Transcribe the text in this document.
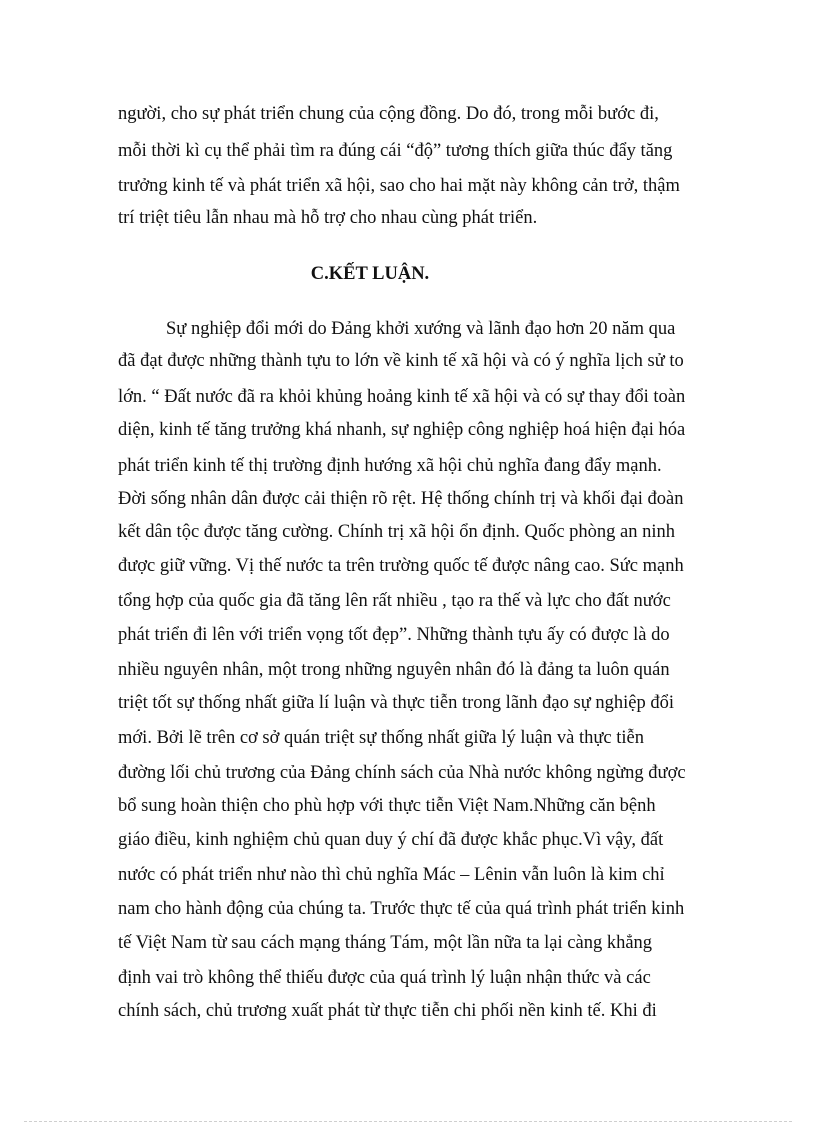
người, cho sự phát triển chung của cộng đồng. Do đó, trong mỗi bước đi,
mỗi thời kì cụ thể phải tìm ra đúng cái “độ” tương thích giữa thúc đẩy tăng
trưởng kinh tế và phát triển xã hội, sao cho hai mặt này không cản trở, thậm
trí triệt tiêu lẫn nhau mà hỗ trợ cho nhau cùng phát triển.
C.KẾT LUẬN.
Sự nghiệp đổi mới do Đảng khởi xướng và lãnh đạo hơn 20 năm qua
đã đạt được những thành tựu to lớn về kinh tế xã hội và có ý nghĩa lịch sử to
lớn. “ Đất nước đã ra khỏi khủng hoảng kinh tế xã hội và có sự thay đổi toàn
diện, kinh tế tăng trưởng khá nhanh, sự nghiệp công nghiệp hoá hiện đại hóa
phát triển kinh tế thị trường định hướng xã hội chủ nghĩa đang đẩy mạnh.
Đời sống nhân dân được cải thiện rõ rệt. Hệ thống chính trị và khối đại đoàn
kết dân tộc được tăng cường. Chính trị xã hội ổn định. Quốc phòng an ninh
được giữ vững. Vị thế nước ta trên trường quốc tế được nâng cao. Sức mạnh
tổng hợp của quốc gia đã tăng lên rất nhiều , tạo ra thế và lực cho đất nước
phát triển đi lên với triển vọng tốt đẹp”. Những thành tựu ấy có được là do
nhiều nguyên nhân, một trong những nguyên nhân đó là đảng ta luôn quán
triệt tốt sự thống nhất giữa lí luận và thực tiễn trong lãnh đạo sự nghiệp đổi
mới. Bởi lẽ trên cơ sở quán triệt sự thống nhất giữa lý luận và thực tiễn
đường lối chủ trương của Đảng chính sách của Nhà nước không ngừng được
bổ sung hoàn thiện cho phù hợp với thực tiễn Việt Nam.Những căn bệnh
giáo điều, kinh nghiệm chủ quan duy ý chí đã được khắc phục.Vì vậy, đất
nước có phát triển như nào thì chủ nghĩa Mác – Lênin vẫn luôn là kim chỉ
nam cho hành động của chúng ta. Trước thực tế của quá trình phát triển kinh
tế Việt Nam từ sau cách mạng tháng Tám, một lần nữa ta lại càng khẳng
định vai trò không thể thiếu được của quá trình lý luận nhận thức và các
chính sách, chủ trương xuất phát từ thực tiễn chi phối nền kinh tế. Khi đi
